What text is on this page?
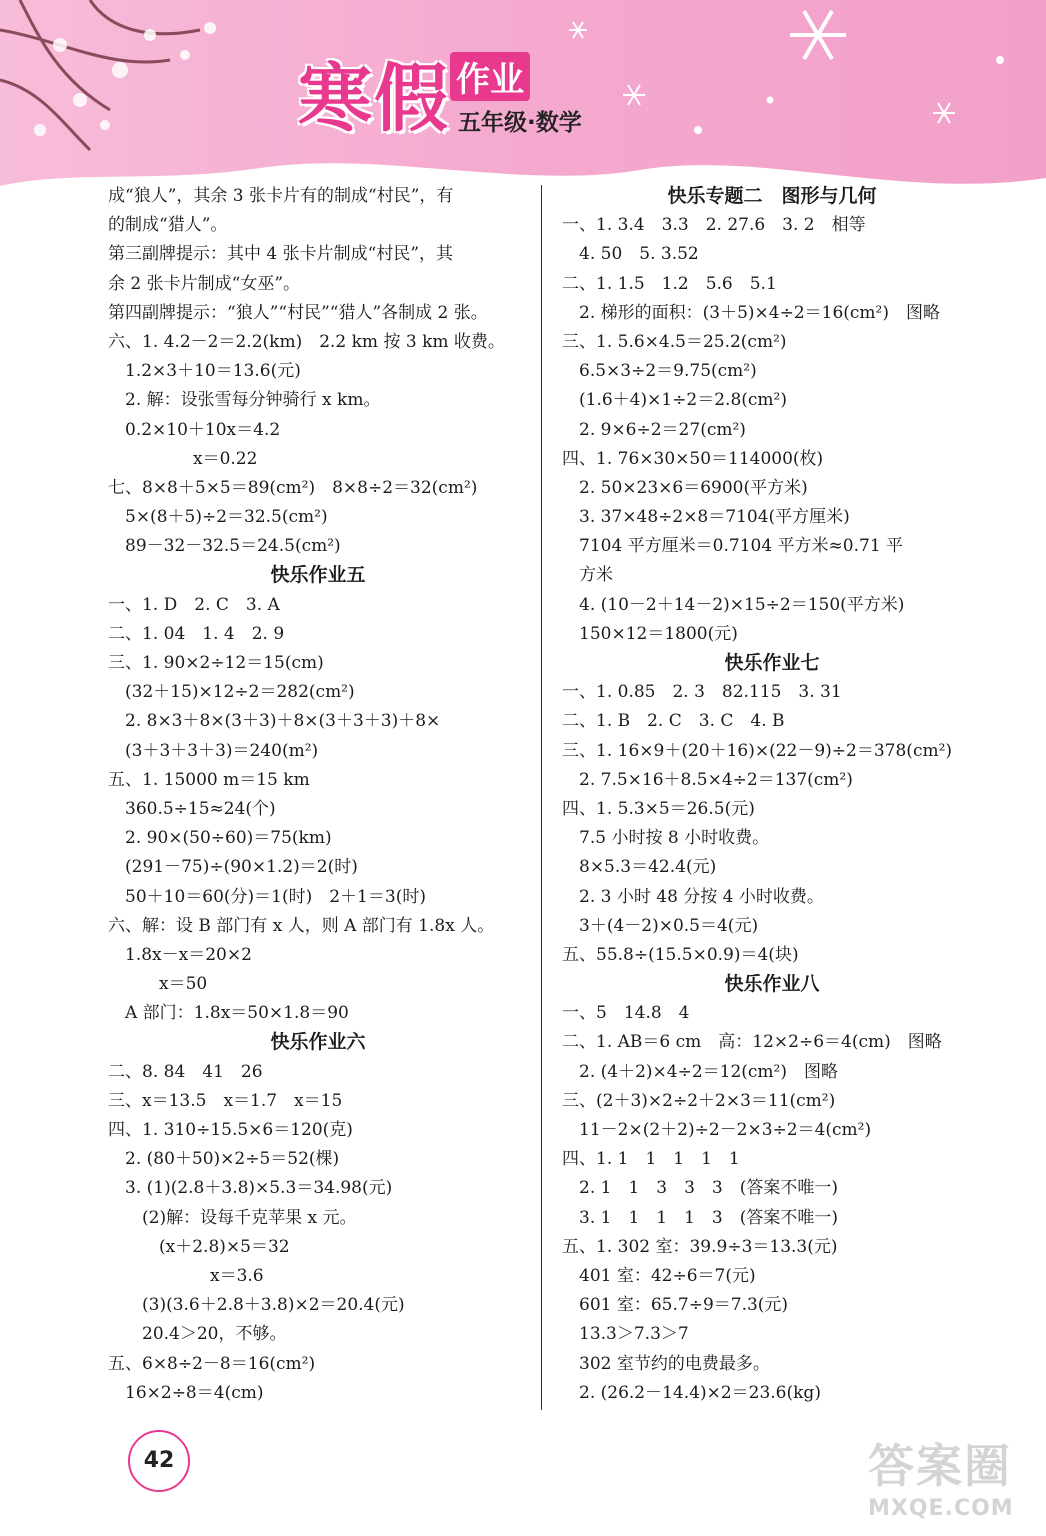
寒假 作业
五年级·数学
成“狼人”，其余 3 张卡片有的制成“村民”，有
的制成“猎人”。
第三副牌提示：其中 4 张卡片制成“村民”，其
余 2 张卡片制成“女巫”。
第四副牌提示：“狼人”“村民”“猎人”各制成 2 张。
六、1. 4.2－2＝2.2(km)　2.2 km 按 3 km 收费。
　1.2×3＋10＝13.6(元)
　2. 解：设张雪每分钟骑行 x km。
　0.2×10＋10x＝4.2
　　　　　x＝0.22
七、8×8＋5×5＝89(cm²)　8×8÷2＝32(cm²)
　5×(8＋5)÷2＝32.5(cm²)
　89－32－32.5＝24.5(cm²)
快乐作业五
一、1. D　2. C　3. A
二、1. 04　1. 4　2. 9
三、1. 90×2÷12＝15(cm)
　(32＋15)×12÷2＝282(cm²)
　2. 8×3＋8×(3＋3)＋8×(3＋3＋3)＋8×
　(3＋3＋3＋3)＝240(m²)
五、1. 15000 m＝15 km
　360.5÷15≈24(个)
　2. 90×(50÷60)＝75(km)
　(291－75)÷(90×1.2)＝2(时)
　50＋10＝60(分)＝1(时)　2＋1＝3(时)
六、解：设 B 部门有 x 人，则 A 部门有 1.8x 人。
　1.8x－x＝20×2
　　　x＝50
　A 部门：1.8x＝50×1.8＝90
快乐作业六
二、8. 84　41　26
三、x＝13.5　x＝1.7　x＝15
四、1. 310÷15.5×6＝120(克)
　2. (80＋50)×2÷5＝52(棵)
　3. (1)(2.8＋3.8)×5.3＝34.98(元)
　　(2)解：设每千克苹果 x 元。
　　　(x＋2.8)×5＝32
　　　　　　x＝3.6
　　(3)(3.6＋2.8＋3.8)×2＝20.4(元)
　　20.4＞20，不够。
五、6×8÷2－8＝16(cm²)
　16×2÷8＝4(cm)
快乐专题二　图形与几何
一、1. 3.4　3.3　2. 27.6　3. 2　相等
　4. 50　5. 3.52
二、1. 1.5　1.2　5.6　5.1
　2. 梯形的面积：(3＋5)×4÷2＝16(cm²)　图略
三、1. 5.6×4.5＝25.2(cm²)
　6.5×3÷2＝9.75(cm²)
　(1.6＋4)×1÷2＝2.8(cm²)
　2. 9×6÷2＝27(cm²)
四、1. 76×30×50＝114000(枚)
　2. 50×23×6＝6900(平方米)
　3. 37×48÷2×8＝7104(平方厘米)
　7104 平方厘米＝0.7104 平方米≈0.71 平
　方米
　4. (10－2＋14－2)×15÷2＝150(平方米)
　150×12＝1800(元)
快乐作业七
一、1. 0.85　2. 3　82.115　3. 31
二、1. B　2. C　3. C　4. B
三、1. 16×9＋(20＋16)×(22－9)÷2＝378(cm²)
　2. 7.5×16＋8.5×4÷2＝137(cm²)
四、1. 5.3×5＝26.5(元)
　7.5 小时按 8 小时收费。
　8×5.3＝42.4(元)
　2. 3 小时 48 分按 4 小时收费。
　3＋(4－2)×0.5＝4(元)
五、55.8÷(15.5×0.9)＝4(块)
快乐作业八
一、5　14.8　4
二、1. AB＝6 cm　高：12×2÷6＝4(cm)　图略
　2. (4＋2)×4÷2＝12(cm²)　图略
三、(2＋3)×2÷2＋2×3＝11(cm²)
　11－2×(2＋2)÷2－2×3÷2＝4(cm²)
四、1. 1　1　1　1　1
　2. 1　1　3　3　3　(答案不唯一)
　3. 1　1　1　1　3　(答案不唯一)
五、1. 302 室：39.9÷3＝13.3(元)
　401 室：42÷6＝7(元)
　601 室：65.7÷9＝7.3(元)
　13.3＞7.3＞7
　302 室节约的电费最多。
　2. (26.2－14.4)×2＝23.6(kg)
42	答案圈
MXQE.COM
